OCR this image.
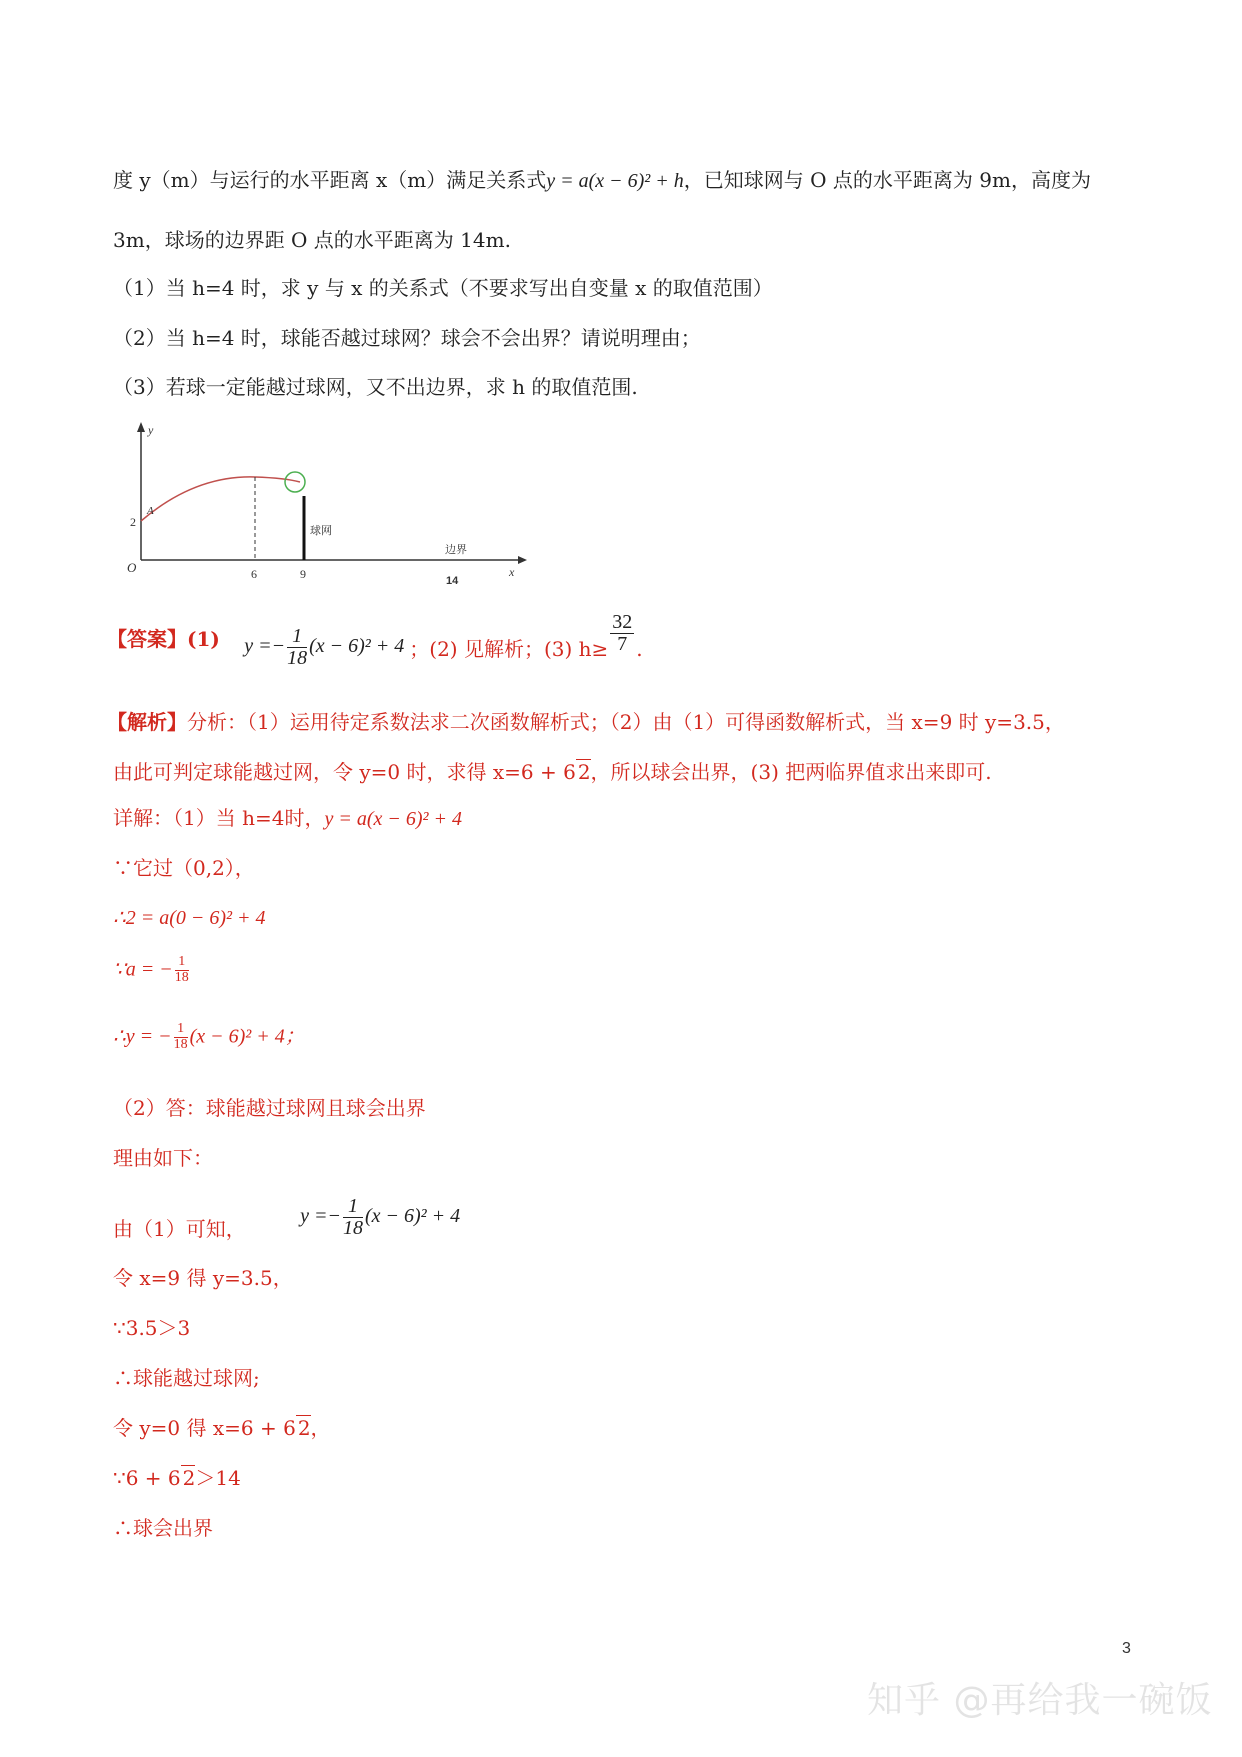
度 y（m）与运行的水平距离 x（m）满足关系式y = a(x − 6)² + h，已知球网与 O 点的水平距离为 9m，高度为
3m，球场的边界距 O 点的水平距离为 14m.
（1）当 h=4 时，求 y 与 x 的关系式（不要求写出自变量 x 的取值范围）
（2）当 h=4 时，球能否越过球网？球会不会出界？请说明理由；
（3）若球一定能越过球网，又不出边界，求 h 的取值范围.
y
x
O
2
A
球网
6	9	14
边界
【答案】(1) $y =- \frac{1}{18} (x - 6)^2 + 4$ ；(2) 见解析；(3) $h\ge \frac{32}{7}$ .
【解析】分析：（1）运用待定系数法求二次函数解析式；（2）由（1）可得函数解析式，当 x=9 时 y=3.5，
由此可判定球能越过网，令 y=0 时，求得 x=6 + 6 2，所以球会出界，(3) 把两临界值求出来即可.
详解：（1）当 h=4时，y = a(x − 6)² + 4
∵它过（0,2），
∴2 = a(0 − 6)² + 4
∵a = − $\frac{1}{18}$
∴y = − $\frac{1}{18} (x - 6)^2 + 4$；
（2）答：球能越过球网且球会出界
理由如下：
由（1）可知， $y =- \frac{1}{18} (x - 6)^2 + 4$
令 x=9 得 y=3.5，
∵3.5＞3
∴球能越过球网;
令 y=0 得 x=6 + 6 2，
∵6 + 6 2＞14
∴球会出界
3
知乎 @再给我一碗饭
